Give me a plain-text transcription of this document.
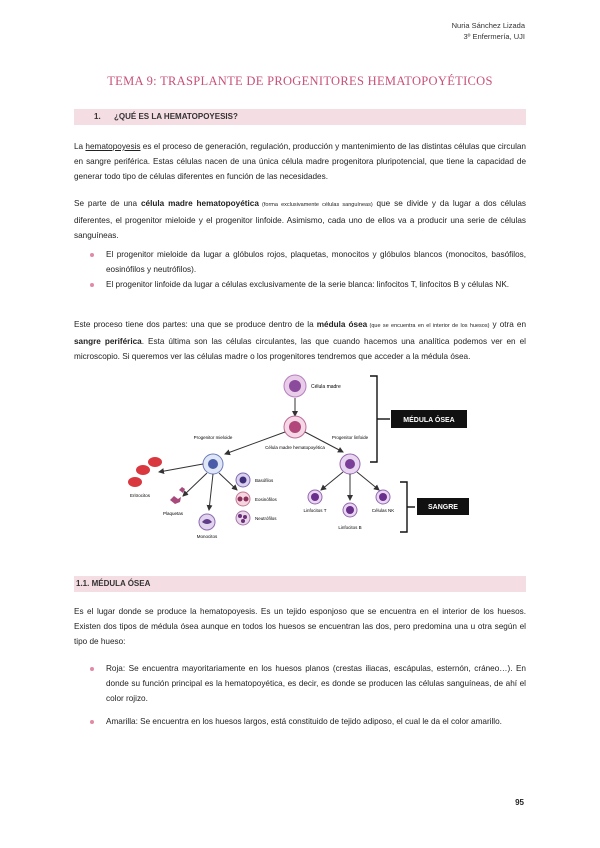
Nuria Sánchez Lizada
3º Enfermería, UJI
TEMA 9: TRASPLANTE DE PROGENITORES HEMATOPOYÉTICOS
1. ¿QUÉ ES LA HEMATOPOYESIS?

La hematopoyesis es el proceso de generación, regulación, producción y mantenimiento de las distintas células que circulan en sangre periférica. Estas células nacen de una única célula madre progenitora pluripotencial, que tiene la capacidad de generar todo tipo de células diferentes en función de las necesidades.

Se parte de una célula madre hematopoyética (forma exclusivamente células sanguíneas) que se divide y da lugar a dos células diferentes, el progenitor mieloide y el progenitor linfoide. Asimismo, cada uno de ellos va a producir una serie de células sanguíneas.

El progenitor mieloide da lugar a glóbulos rojos, plaquetas, monocitos y glóbulos blancos (monocitos, basófilos, eosinófilos y neutrófilos).
El progenitor linfoide da lugar a células exclusivamente de la serie blanca: linfocitos T, linfocitos B y células NK.

Este proceso tiene dos partes: una que se produce dentro de la médula ósea (que se encuentra en el interior de los huesos) y otra en sangre periférica. Esta última son las células circulantes, las que cuando hacemos una analítica podemos ver en el microscopio. Si queremos ver las células madre o los progenitores tendremos que acceder a la médula ósea.

Célula madre
Célula madre hematopoyética
Progenitor mieloide	Progenitor linfoide
Eritrocitos
Plaquetas
Monocitos
Basófilos
Eosinófilos
Neutrófilos
Linfocitos T
Linfocitos B
Células NK
MÉDULA ÓSEA
SANGRE
1.1. MÉDULA ÓSEA

Es el lugar donde se produce la hematopoyesis. Es un tejido esponjoso que se encuentra en el interior de los huesos. Existen dos tipos de médula ósea aunque en todos los huesos se encuentran las dos, pero predomina una u otra según el tipo de hueso:

Roja: Se encuentra mayoritariamente en los huesos planos (crestas iliacas, escápulas, esternón, cráneo…). En donde su función principal es la hematopoyética, es decir, es donde se producen las células sanguíneas, de ahí el color rojizo.
Amarilla: Se encuentra en los huesos largos, está constituido de tejido adiposo, el cual le da el color amarillo.
95
